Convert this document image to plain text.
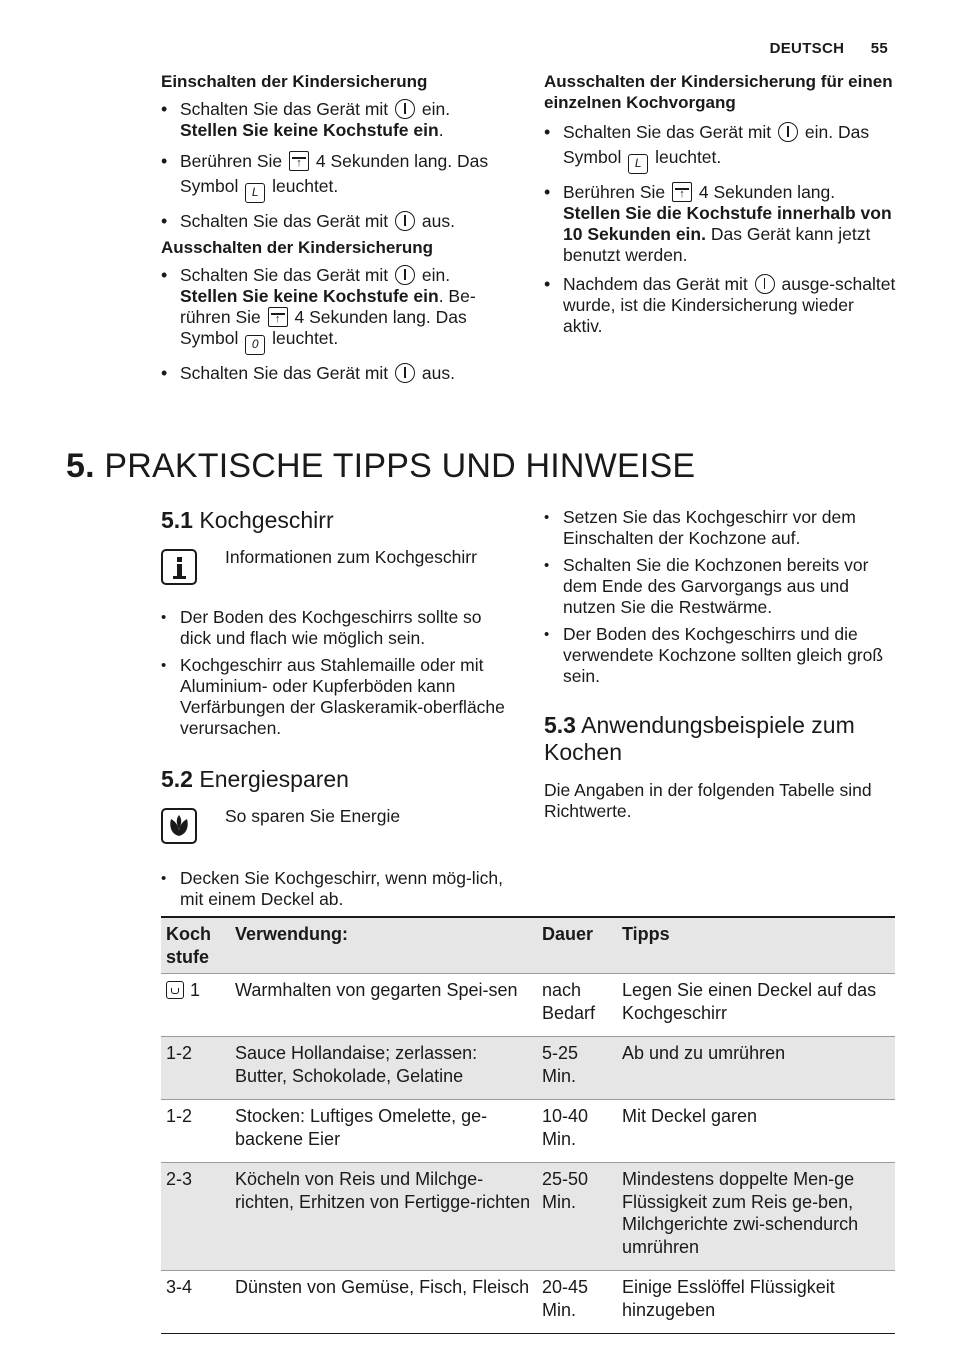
DEUTSCH 55

Einschalten der Kindersicherung

• Schalten Sie das Gerät mit ein.
Stellen Sie keine Kochstufe ein.
• Berühren Sie ↑ 4 Sekunden lang. Das Symbol L leuchtet.
• Schalten Sie das Gerät mit aus.

Ausschalten der Kindersicherung

• Schalten Sie das Gerät mit ein.
Stellen Sie keine Kochstufe ein. Be-rühren Sie ↑ 4 Sekunden lang. Das Symbol 0 leuchtet.
• Schalten Sie das Gerät mit aus.

Ausschalten der Kindersicherung für einen einzelnen Kochvorgang

• Schalten Sie das Gerät mit ein. Das Symbol L leuchtet.
• Berühren Sie ↑ 4 Sekunden lang.
Stellen Sie die Kochstufe innerhalb von 10 Sekunden ein. Das Gerät kann jetzt benutzt werden.
• Nachdem das Gerät mit ausge-schaltet wurde, ist die Kindersicherung wieder aktiv.
5. PRAKTISCHE TIPPS UND HINWEISE
5.1 Kochgeschirr
Informationen zum Kochgeschirr
• Der Boden des Kochgeschirrs sollte so dick und flach wie möglich sein.
• Kochgeschirr aus Stahlemaille oder mit Aluminium- oder Kupferböden kann Verfärbungen der Glaskeramik-oberfläche verursachen.
• Setzen Sie das Kochgeschirr vor dem Einschalten der Kochzone auf.
• Schalten Sie die Kochzonen bereits vor dem Ende des Garvorgangs aus und nutzen Sie die Restwärme.
• Der Boden des Kochgeschirrs und die verwendete Kochzone sollten gleich groß sein.
5.2 Energiesparen
So sparen Sie Energie
• Decken Sie Kochgeschirr, wenn mög-lich, mit einem Deckel ab.
5.3 Anwendungsbeispiele zum Kochen

Die Angaben in der folgenden Tabelle sind Richtwerte.

Koch stufe	Verwendung:	Dauer	Tipps
1	Warmhalten von gegarten Spei-sen	nach Bedarf	Legen Sie einen Deckel auf das Kochgeschirr
1-2	Sauce Hollandaise; zerlassen: Butter, Schokolade, Gelatine	5-25 Min.	Ab und zu umrühren
1-2	Stocken: Luftiges Omelette, ge-backene Eier	10-40 Min.	Mit Deckel garen
2-3	Köcheln von Reis und Milchge-richten, Erhitzen von Fertigge-richten	25-50 Min.	Mindestens doppelte Men-ge Flüssigkeit zum Reis ge-ben, Milchgerichte zwi-schendurch umrühren
3-4	Dünsten von Gemüse, Fisch, Fleisch	20-45 Min.	Einige Esslöffel Flüssigkeit hinzugeben
